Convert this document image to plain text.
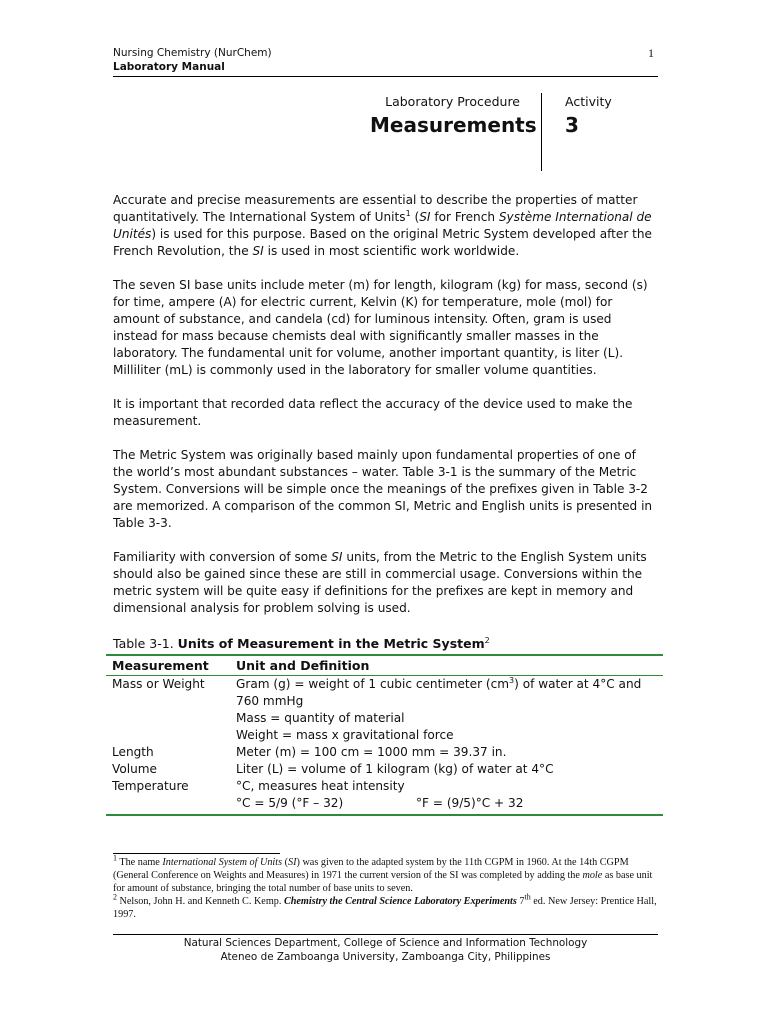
Nursing Chemistry (NurChem)
Laboratory Manual
1
Laboratory Procedure
Measurements
Activity
3

Accurate and precise measurements are essential to describe the properties of matter quantitatively. The International System of Units$^1$ (SI for French Système International de Unités) is used for this purpose. Based on the original Metric System developed after the French Revolution, the SI is used in most scientific work worldwide.

The seven SI base units include meter (m) for length, kilogram (kg) for mass, second (s) for time, ampere (A) for electric current, Kelvin (K) for temperature, mole (mol) for amount of substance, and candela (cd) for luminous intensity. Often, gram is used instead for mass because chemists deal with significantly smaller masses in the laboratory. The fundamental unit for volume, another important quantity, is liter (L). Milliliter (mL) is commonly used in the laboratory for smaller volume quantities.

It is important that recorded data reflect the accuracy of the device used to make the measurement.

The Metric System was originally based mainly upon fundamental properties of one of the world’s most abundant substances – water. Table 3-1 is the summary of the Metric System. Conversions will be simple once the meanings of the prefixes given in Table 3-2 are memorized. A comparison of the common SI, Metric and English units is presented in Table 3-3.

Familiarity with conversion of some SI units, from the Metric to the English System units should also be gained since these are still in commercial usage. Conversions within the metric system will be quite easy if definitions for the prefixes are kept in memory and dimensional analysis for problem solving is used.

Table 3-1. Units of Measurement in the Metric System$^2$
Measurement	Unit and Definition
Mass or Weight	Gram (g) = weight of 1 cubic centimeter $(cm^3)$ of water at 4°C and 760 mmHg
Mass = quantity of material
Weight = mass x gravitational force

Length	Meter (m) = 100 cm = 1000 mm = 39.37 in.
Volume	Liter (L) = volume of 1 kilogram (kg) of water at 4°C
Temperature	°C, measures heat intensity
°C = 5/9 (°F – 32) °F = (9/5)°C + 32

$^1$ The name International System of Units (SI) was given to the adapted system by the 11th CGPM in 1960. At the 14th CGPM (General Conference on Weights and Measures) in 1971 the current version of the SI was completed by adding the mole as base unit for amount of substance, bringing the total number of base units to seven.

$^2$ Nelson, John H. and Kenneth C. Kemp. Chemistry the Central Science Laboratory Experiments 7th ed. New Jersey: Prentice Hall, 1997.

Natural Sciences Department, College of Science and Information Technology
Ateneo de Zamboanga University, Zamboanga City, Philippines
